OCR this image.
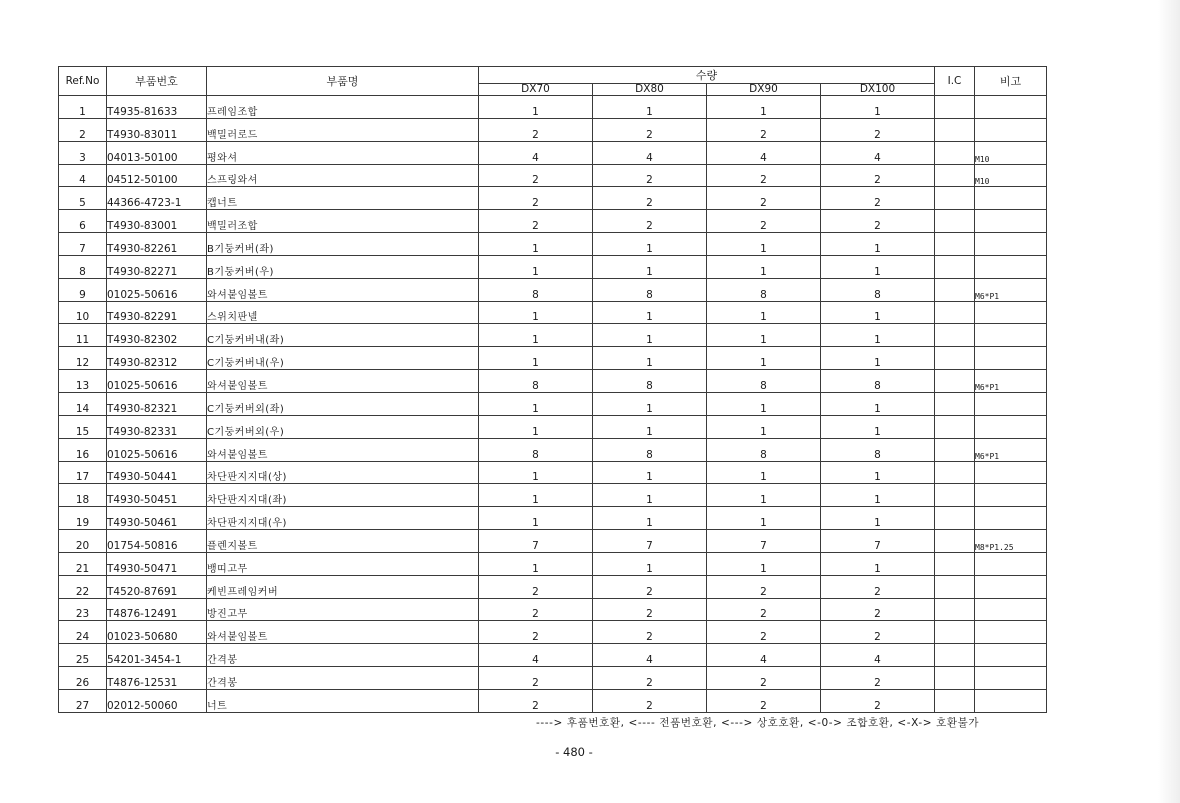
Ref.No	부품번호	부품명	수량				I.C	비고
			DX70	DX80	DX90	DX100		
1	T4935-81633	프레임조합	1	1	1	1		
2	T4930-83011	백밀러로드	2	2	2	2		
3	04013-50100	평와셔	4	4	4	4		M10
4	04512-50100	스프링와셔	2	2	2	2		M10
5	44366-4723-1	캡너트	2	2	2	2		
6	T4930-83001	백밀러조합	2	2	2	2		
7	T4930-82261	B기둥커버(좌)	1	1	1	1		
8	T4930-82271	B기둥커버(우)	1	1	1	1		
9	01025-50616	와셔붙임볼트	8	8	8	8		M6*P1
10	T4930-82291	스위치판넬	1	1	1	1		
11	T4930-82302	C기둥커버내(좌)	1	1	1	1		
12	T4930-82312	C기둥커버내(우)	1	1	1	1		
13	01025-50616	와셔붙임볼트	8	8	8	8		M6*P1
14	T4930-82321	C기둥커버외(좌)	1	1	1	1		
15	T4930-82331	C기둥커버외(우)	1	1	1	1		
16	01025-50616	와셔붙임볼트	8	8	8	8		M6*P1
17	T4930-50441	차단판지지대(상)	1	1	1	1		
18	T4930-50451	차단판지지대(좌)	1	1	1	1		
19	T4930-50461	차단판지지대(우)	1	1	1	1		
20	01754-50816	플렌지볼트	7	7	7	7		M8*P1.25
21	T4930-50471	뱅띠고무	1	1	1	1		
22	T4520-87691	케빈프레임커버	2	2	2	2		
23	T4876-12491	방진고무	2	2	2	2		
24	01023-50680	와셔붙임볼트	2	2	2	2		
25	54201-3454-1	간격봉	4	4	4	4		
26	T4876-12531	간격봉	2	2	2	2		
27	02012-50060	너트	2	2	2	2		
----> 후품번호환, <---- 전품번호환, <---> 상호호환, <-0-> 조합호환, <-X-> 호환불가
- 480 -
